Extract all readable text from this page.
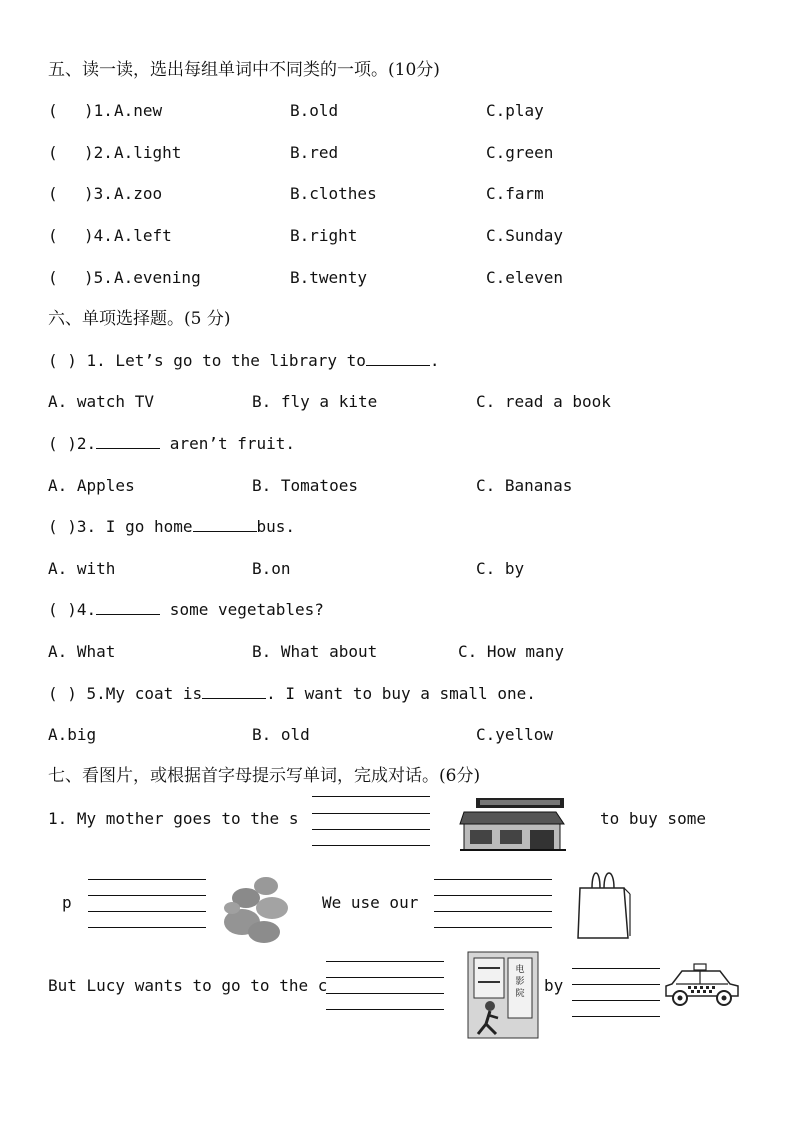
五、读一读，选出每组单词中不同类的一项。(10分)
( )1. A.new	B.old	C.play
( )2. A.light	B.red	C.green
( )3. A.zoo	B.clothes	C.farm
( )4. A.left	B.right	C.Sunday
( )5. A.evening	B.twenty	C.eleven
六、单项选择题。(5 分)
( ) 1. Let’s go to the library to	.
A. watch TV	B. fly a kite	C. read a book
( )2.	aren’t fruit.
A. Apples	B. Tomatoes	C. Bananas
( )3. I go home	bus.
A. with	B.on	C. by
( )4.	some vegetables?
A. What	B. What about	C. How many
( ) 5.My coat is	. I want to buy a small one.
A.big	B. old	C.yellow
七、看图片，或根据首字母提示写单词，完成对话。(6分)
1. My mother goes to the s	to buy some
p	We use our
But Lucy wants to go to the c
电影院 by
